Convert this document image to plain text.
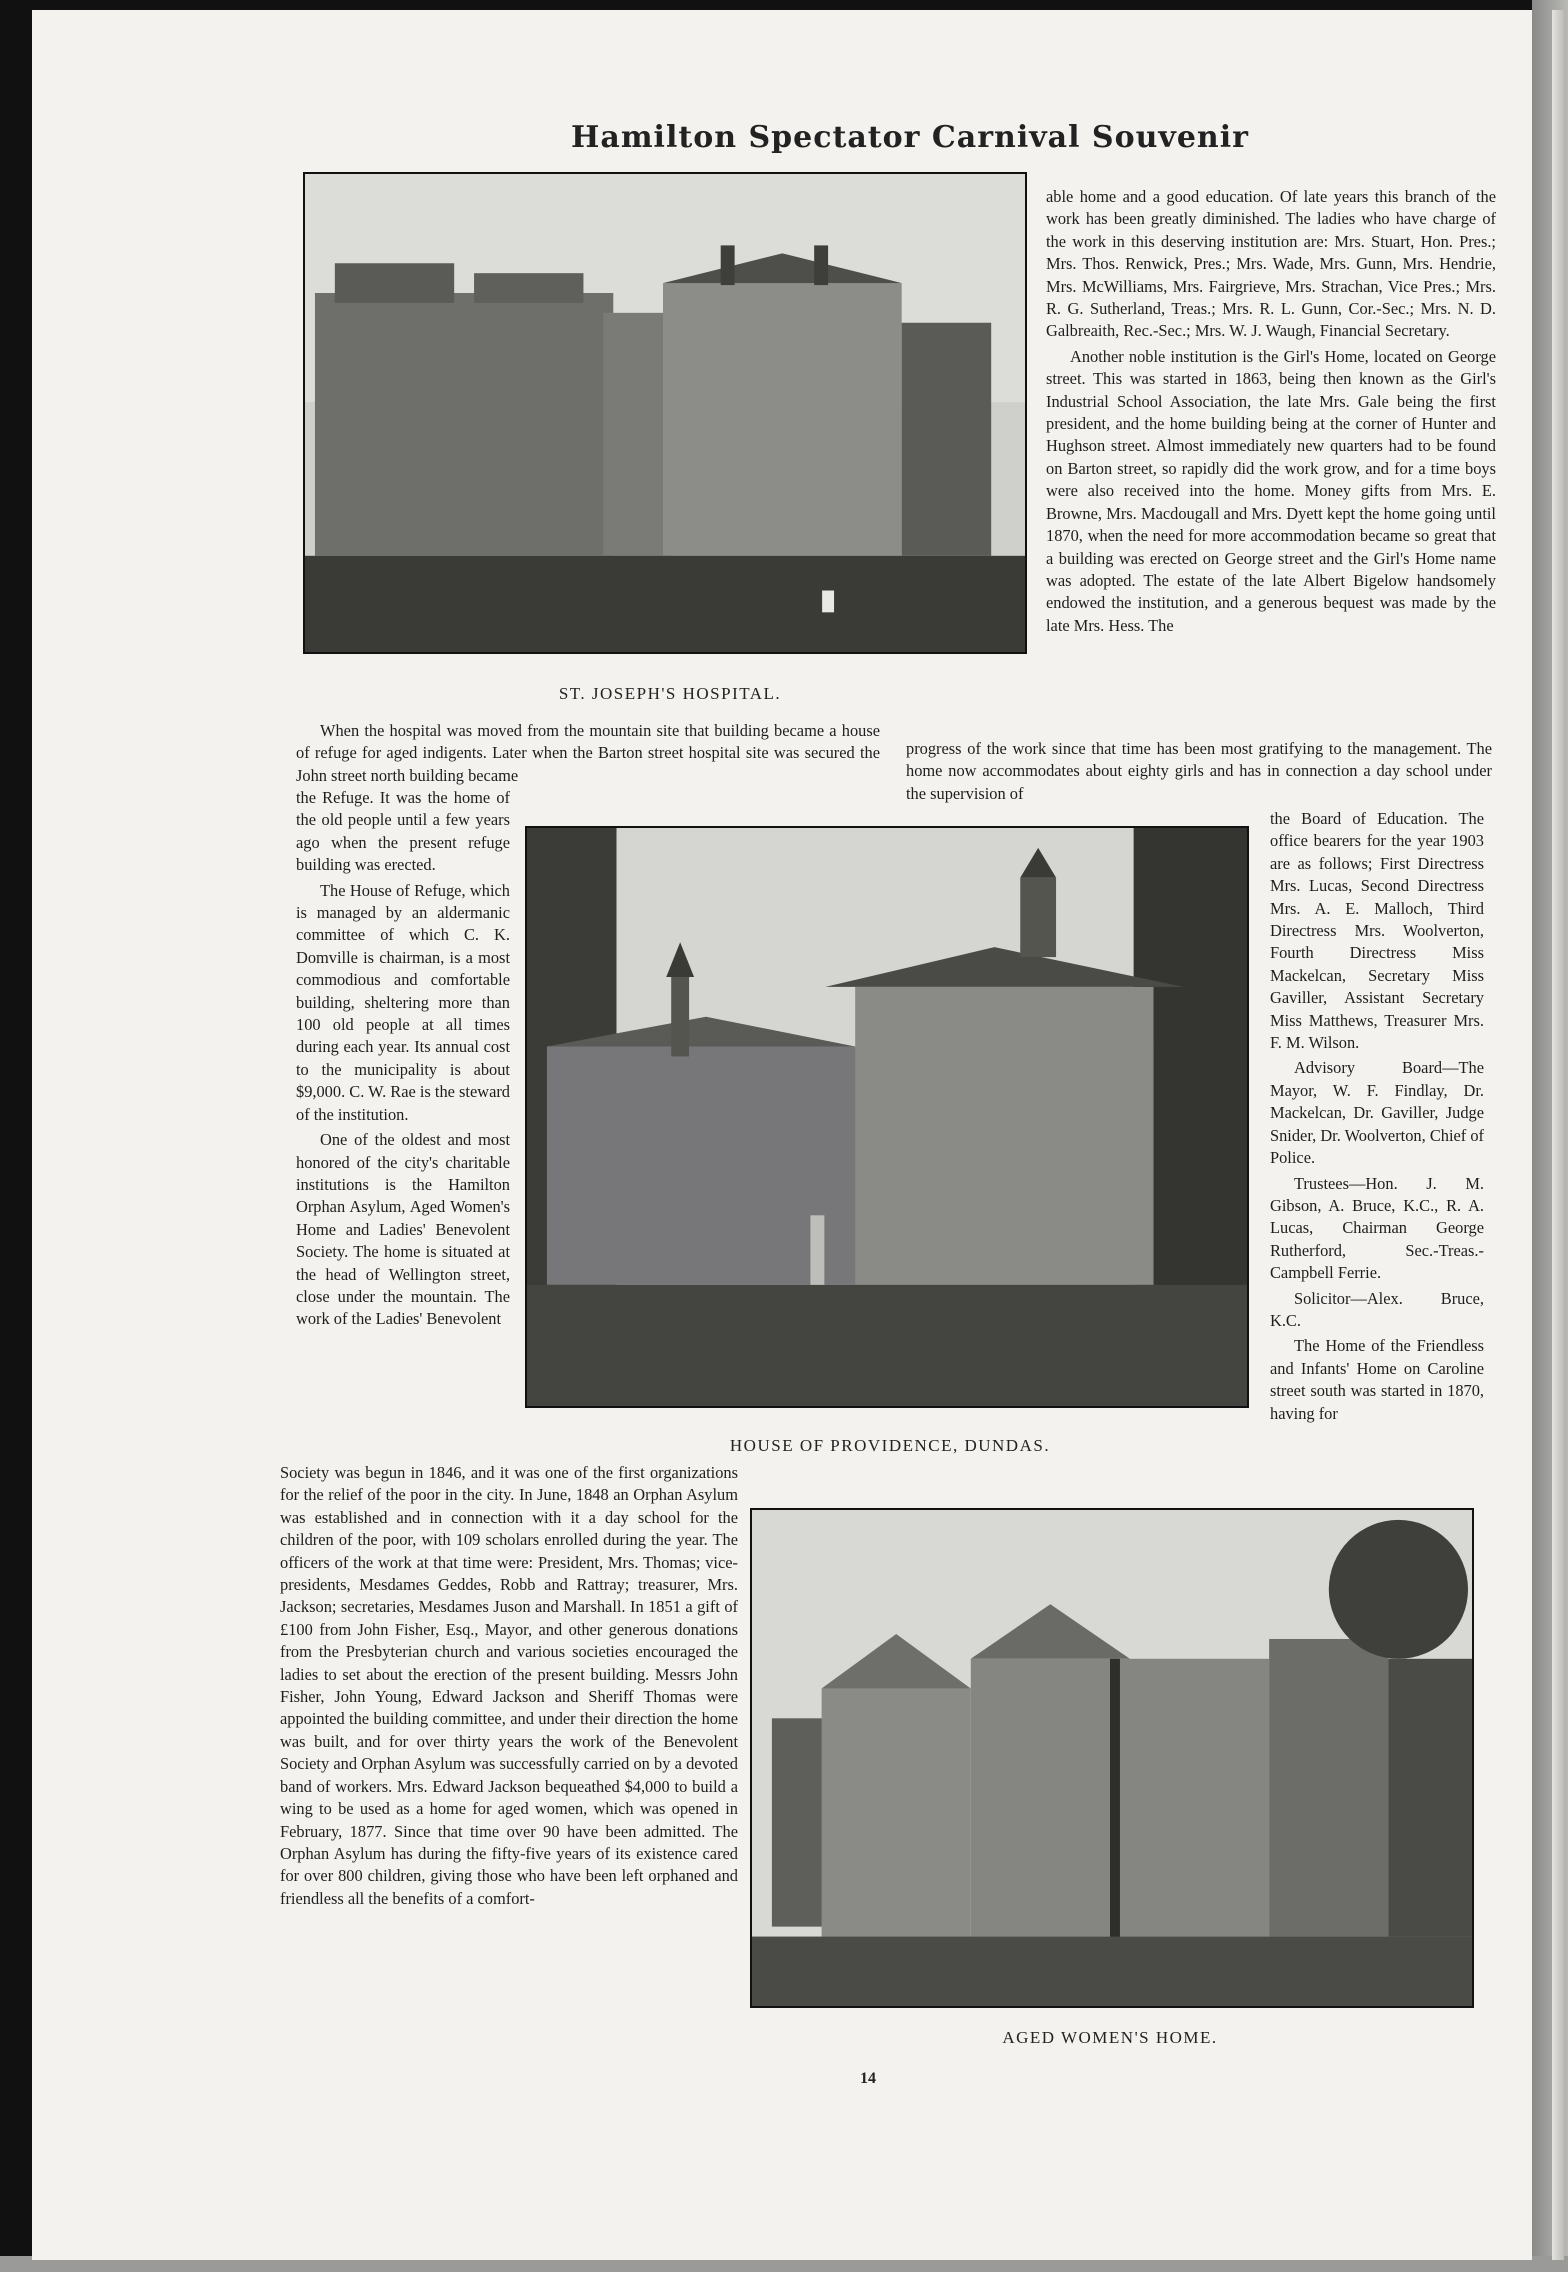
Hamilton Spectator Carnival Souvenir
ST. JOSEPH'S HOSPITAL.

able home and a good education. Of late years this branch of the work has been greatly diminished. The ladies who have charge of the work in this deserving institution are: Mrs. Stuart, Hon. Pres.; Mrs. Thos. Renwick, Pres.; Mrs. Wade, Mrs. Gunn, Mrs. Hendrie, Mrs. McWilliams, Mrs. Fairgrieve, Mrs. Strachan, Vice Pres.; Mrs. R. G. Sutherland, Treas.; Mrs. R. L. Gunn, Cor.-Sec.; Mrs. N. D. Galbreaith, Rec.-Sec.; Mrs. W. J. Waugh, Financial Secretary.

Another noble institution is the Girl's Home, located on George street. This was started in 1863, being then known as the Girl's Industrial School Association, the late Mrs. Gale being the first president, and the home building being at the corner of Hunter and Hughson street. Almost immediately new quarters had to be found on Barton street, so rapidly did the work grow, and for a time boys were also received into the home. Money gifts from Mrs. E. Browne, Mrs. Macdougall and Mrs. Dyett kept the home going until 1870, when the need for more accommodation became so great that a building was erected on George street and the Girl's Home name was adopted. The estate of the late Albert Bigelow handsomely endowed the institution, and a generous bequest was made by the late Mrs. Hess. The

When the hospital was moved from the mountain site that building became a house of refuge for aged indigents. Later when the Barton street hospital site was secured the John street north building became

progress of the work since that time has been most gratifying to the management. The home now accommodates about eighty girls and has in connection a day school under the supervision of

HOUSE OF PROVIDENCE, DUNDAS.

the Refuge. It was the home of the old people until a few years ago when the present refuge building was erected.

The House of Refuge, which is managed by an aldermanic committee of which C. K. Domville is chairman, is a most commodious and comfortable building, sheltering more than 100 old people at all times during each year. Its annual cost to the municipality is about $9,000. C. W. Rae is the steward of the institution.

One of the oldest and most honored of the city's charitable institutions is the Hamilton Orphan Asylum, Aged Women's Home and Ladies' Benevolent Society. The home is situated at the head of Wellington street, close under the mountain. The work of the Ladies' Benevolent

the Board of Education. The office bearers for the year 1903 are as follows; First Directress Mrs. Lucas, Second Directress Mrs. A. E. Malloch, Third Directress Mrs. Woolverton, Fourth Directress Miss Mackelcan, Secretary Miss Gaviller, Assistant Secretary Miss Matthews, Treasurer Mrs. F. M. Wilson.

Advisory Board—The Mayor, W. F. Findlay, Dr. Mackelcan, Dr. Gaviller, Judge Snider, Dr. Woolverton, Chief of Police.

Trustees—Hon. J. M. Gibson, A. Bruce, K.C., R. A. Lucas, Chairman George Rutherford, Sec.-Treas.-Campbell Ferrie.

Solicitor—Alex. Bruce, K.C.

The Home of the Friendless and Infants' Home on Caroline street south was started in 1870, having for

Society was begun in 1846, and it was one of the first organizations for the relief of the poor in the city. In June, 1848 an Orphan Asylum was established and in connection with it a day school for the children of the poor, with 109 scholars enrolled during the year. The officers of the work at that time were: President, Mrs. Thomas; vice-presidents, Mesdames Geddes, Robb and Rattray; treasurer, Mrs. Jackson; secretaries, Mesdames Juson and Marshall. In 1851 a gift of £100 from John Fisher, Esq., Mayor, and other generous donations from the Presbyterian church and various societies encouraged the ladies to set about the erection of the present building. Messrs John Fisher, John Young, Edward Jackson and Sheriff Thomas were appointed the building committee, and under their direction the home was built, and for over thirty years the work of the Benevolent Society and Orphan Asylum was successfully carried on by a devoted band of workers. Mrs. Edward Jackson bequeathed $4,000 to build a wing to be used as a home for aged women, which was opened in February, 1877. Since that time over 90 have been admitted. The Orphan Asylum has during the fifty-five years of its existence cared for over 800 children, giving those who have been left orphaned and friendless all the benefits of a comfort-

AGED WOMEN'S HOME.
14
